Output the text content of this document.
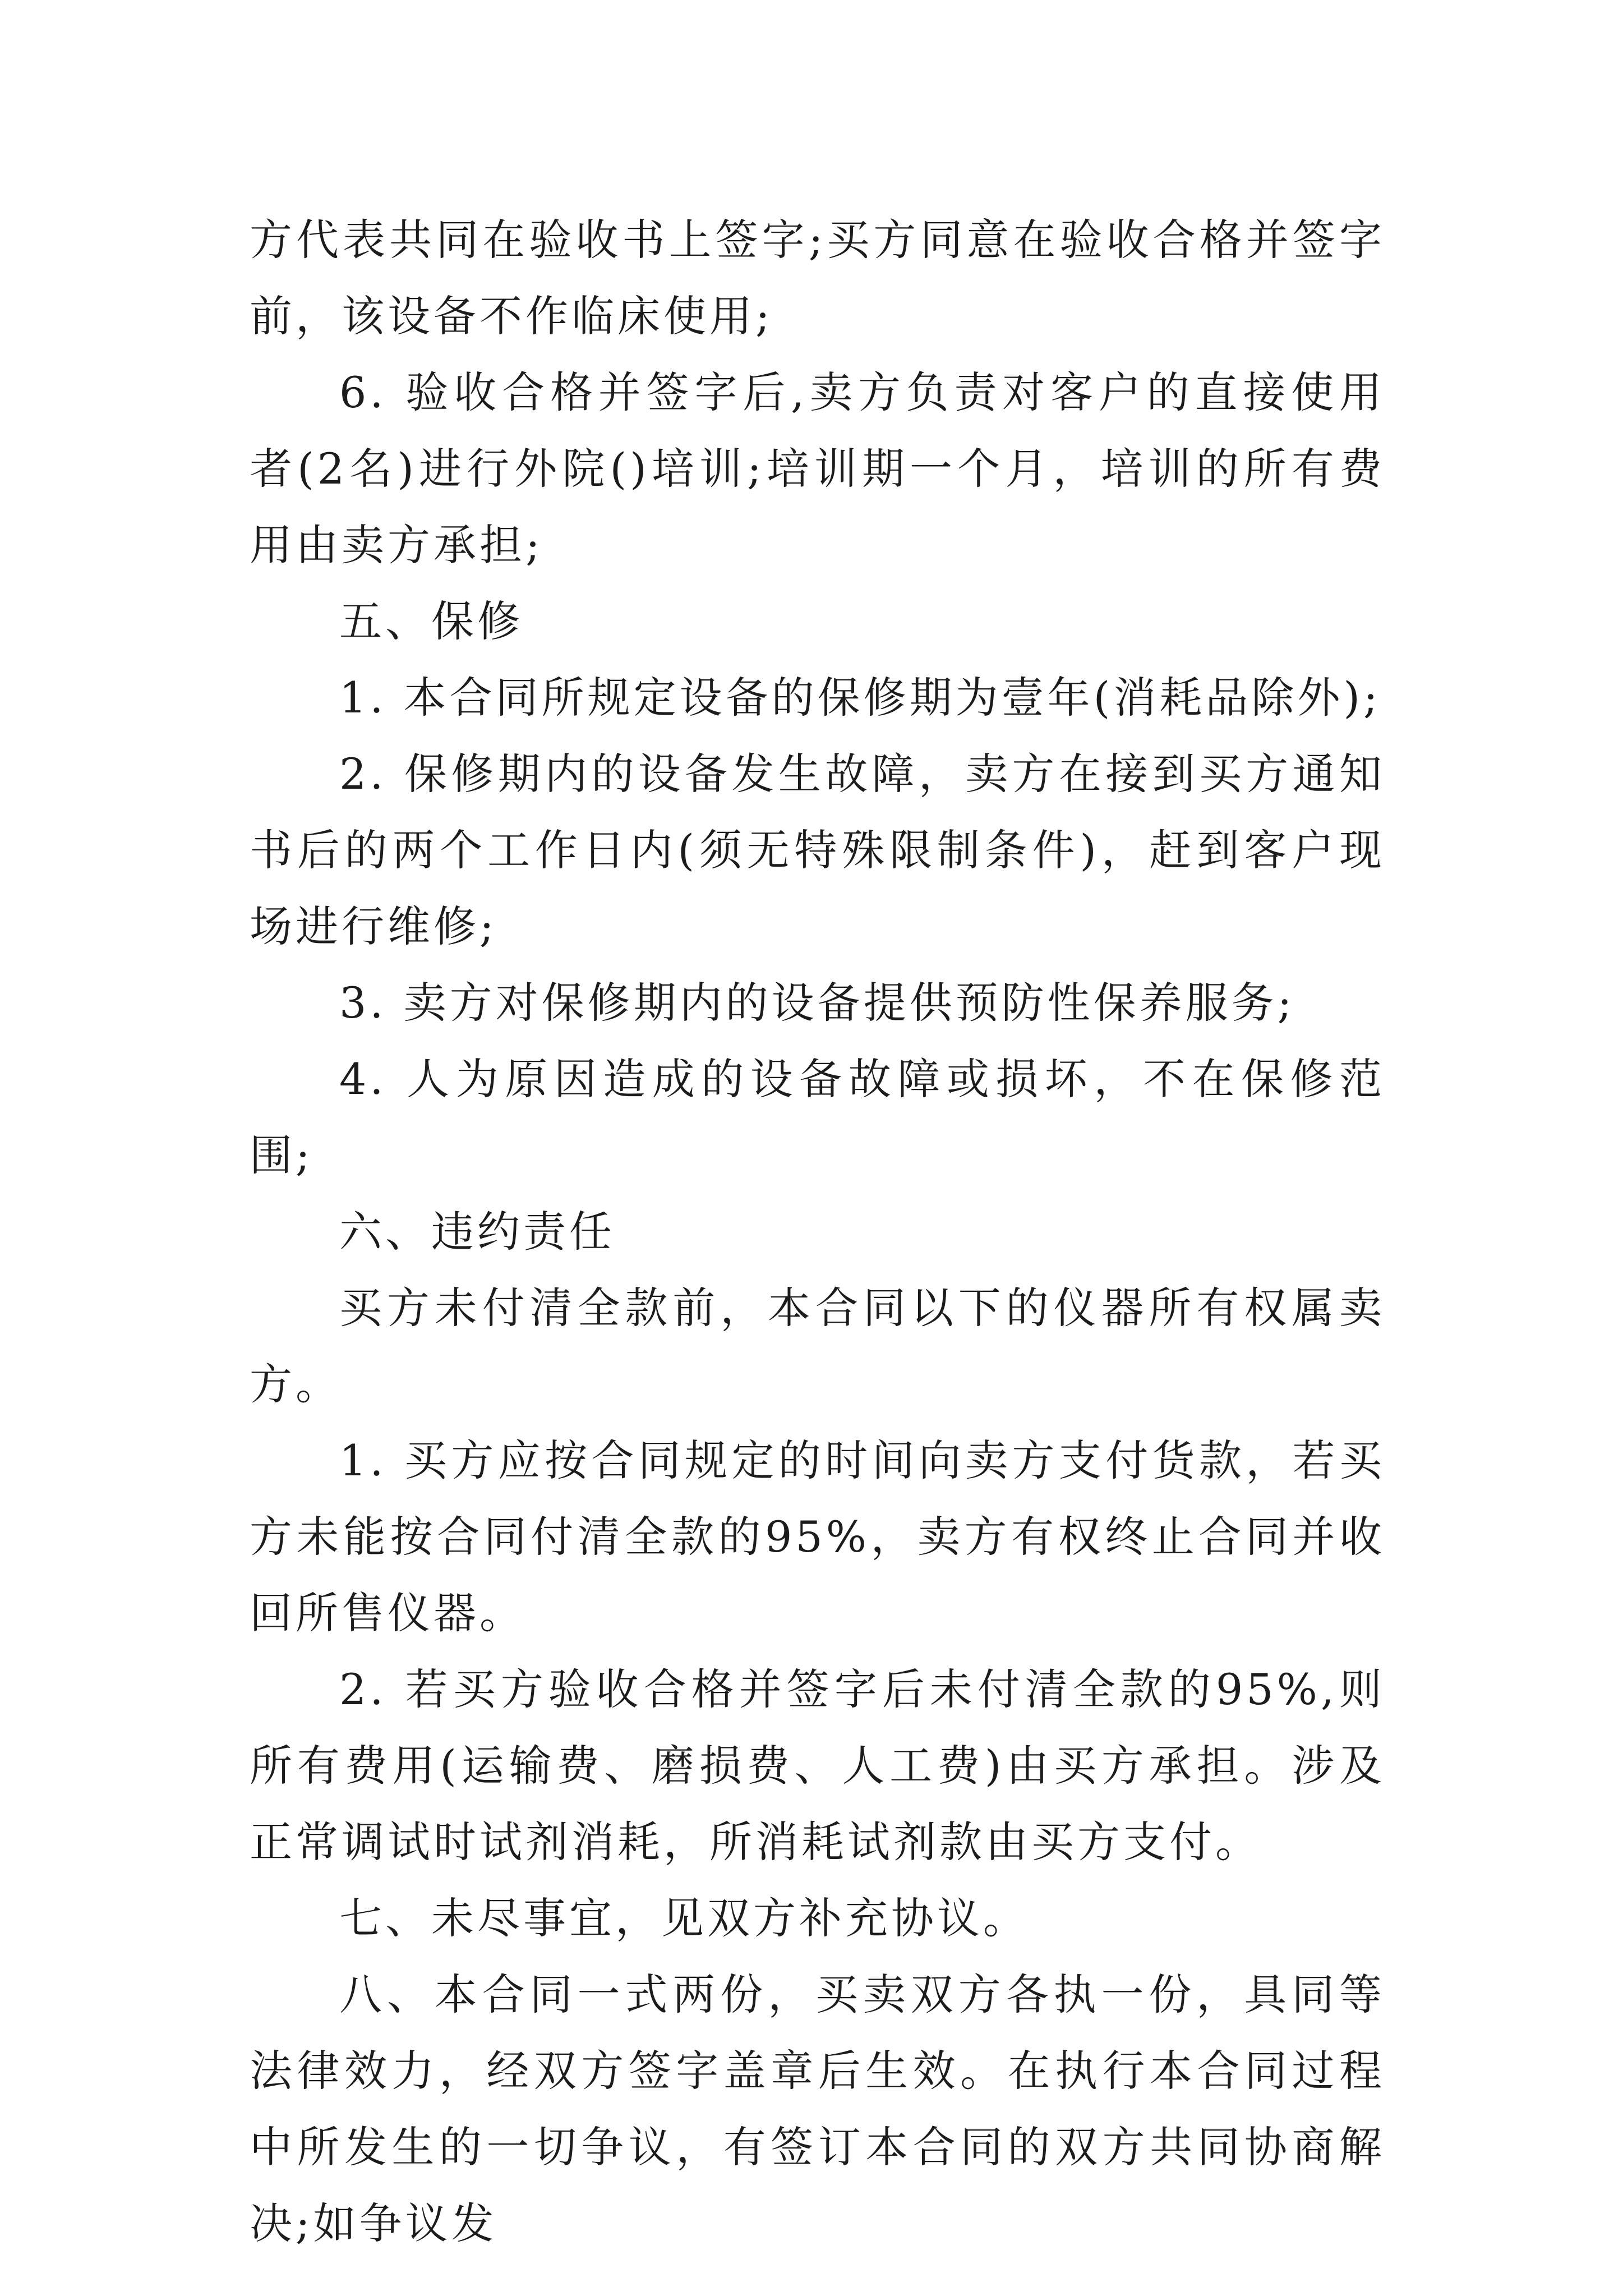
方代表共同在验收书上签字;买方同意在验收合格并签字前，该设备不作临床使用;

6. 验收合格并签字后,卖方负责对客户的直接使用者(2名)进行外院()培训;培训期一个月，培训的所有费用由卖方承担;

五、保修

1. 本合同所规定设备的保修期为壹年(消耗品除外);

2. 保修期内的设备发生故障，卖方在接到买方通知书后的两个工作日内(须无特殊限制条件)，赶到客户现场进行维修;

3. 卖方对保修期内的设备提供预防性保养服务;

4. 人为原因造成的设备故障或损坏，不在保修范围;

六、违约责任

买方未付清全款前，本合同以下的仪器所有权属卖方。

1. 买方应按合同规定的时间向卖方支付货款，若买方未能按合同付清全款的95%，卖方有权终止合同并收回所售仪器。

2. 若买方验收合格并签字后未付清全款的95%,则所有费用(运输费、磨损费、人工费)由买方承担。涉及正常调试时试剂消耗，所消耗试剂款由买方支付。

七、未尽事宜，见双方补充协议。

八、本合同一式两份，买卖双方各执一份，具同等法律效力，经双方签字盖章后生效。在执行本合同过程中所发生的一切争议，有签订本合同的双方共同协商解决;如争议发
